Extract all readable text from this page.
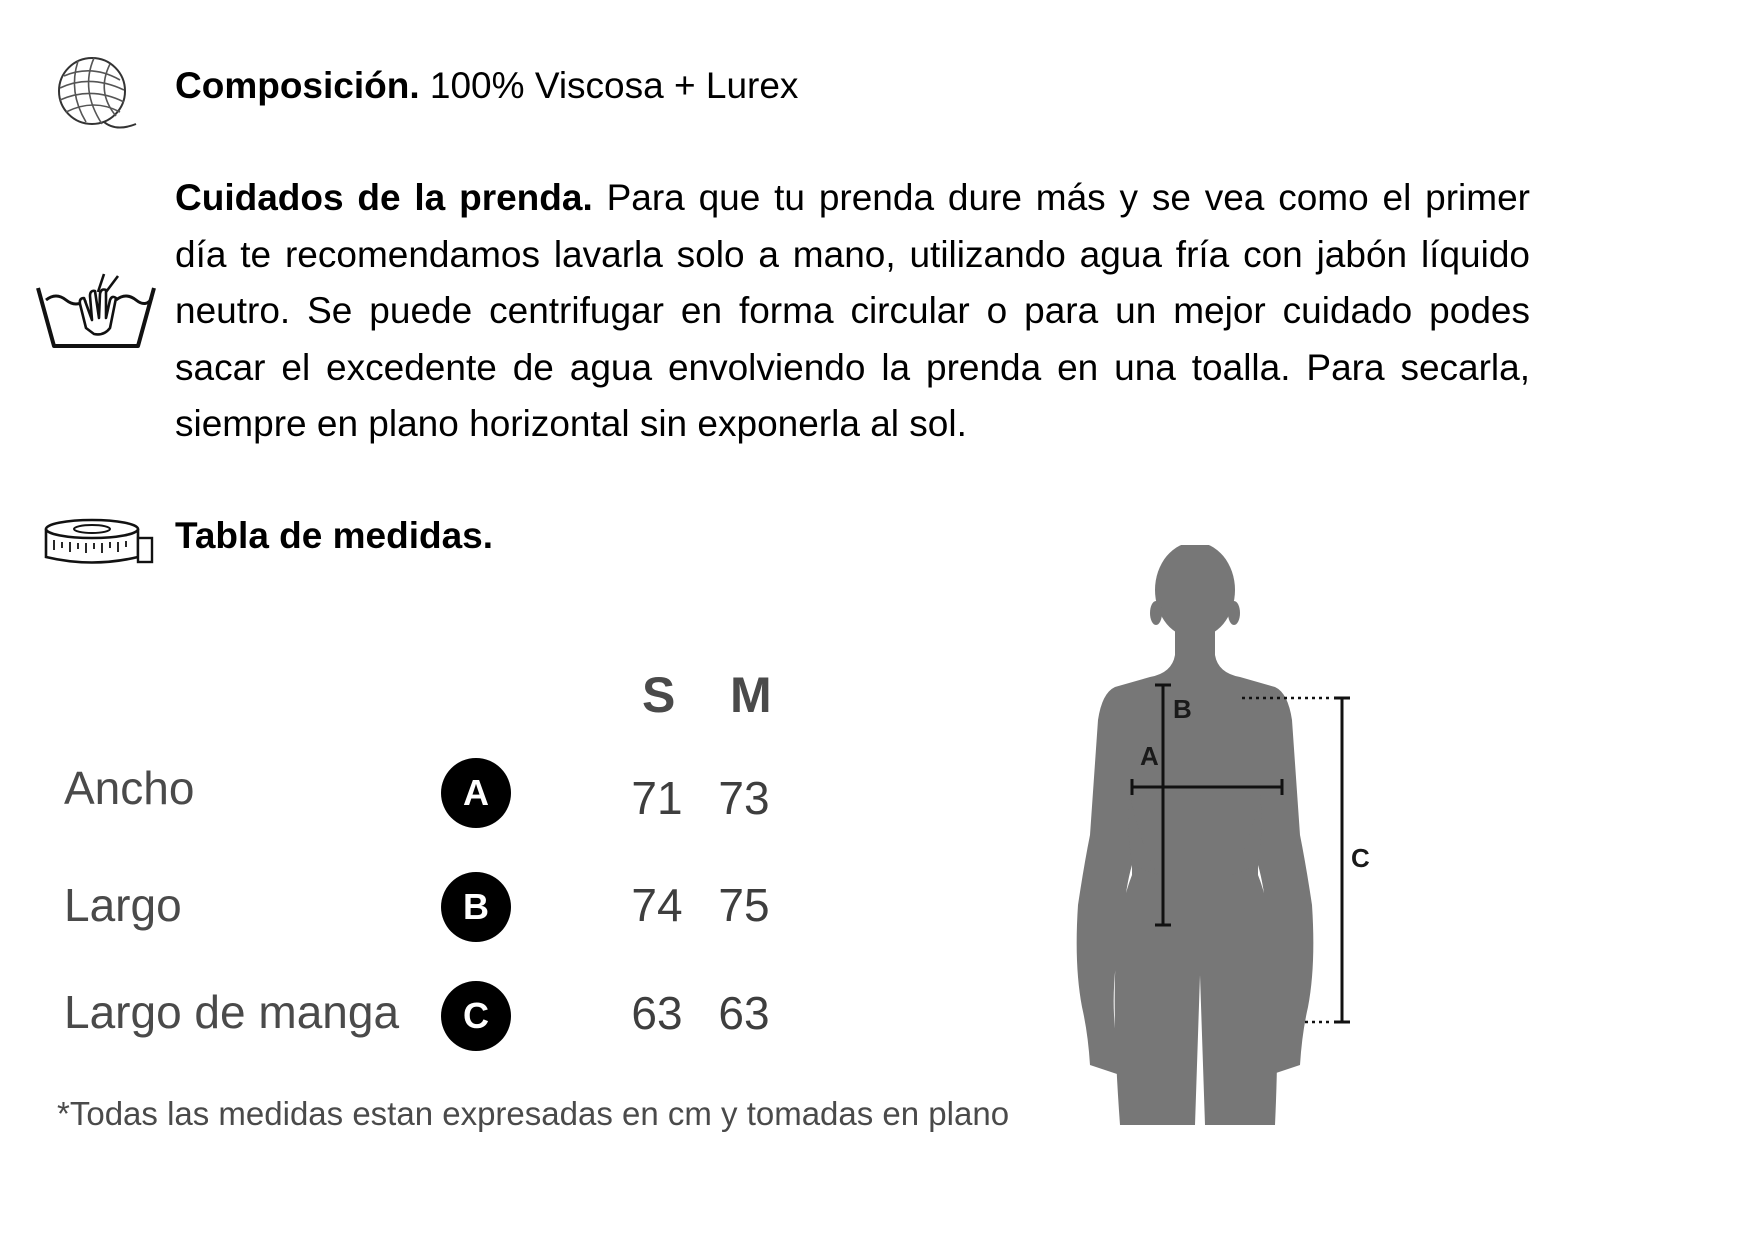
Composición. 100% Viscosa + Lurex
Cuidados de la prenda. Para que tu prenda dure más y se vea como el primer día te recomendamos lavarla solo a mano, utilizando agua fría con jabón líquido neutro. Se puede centrifugar en forma circular o para un mejor cuidado podes sacar el excedente de agua envolviendo la prenda en una toalla. Para secarla, siempre en plano horizontal sin exponerla al sol.
Tabla de medidas.
S M
Ancho	A	71 73
Largo	B	74 75
Largo de manga	C	63 63
*Todas las medidas estan expresadas en cm y tomadas en plano
B
A
C
